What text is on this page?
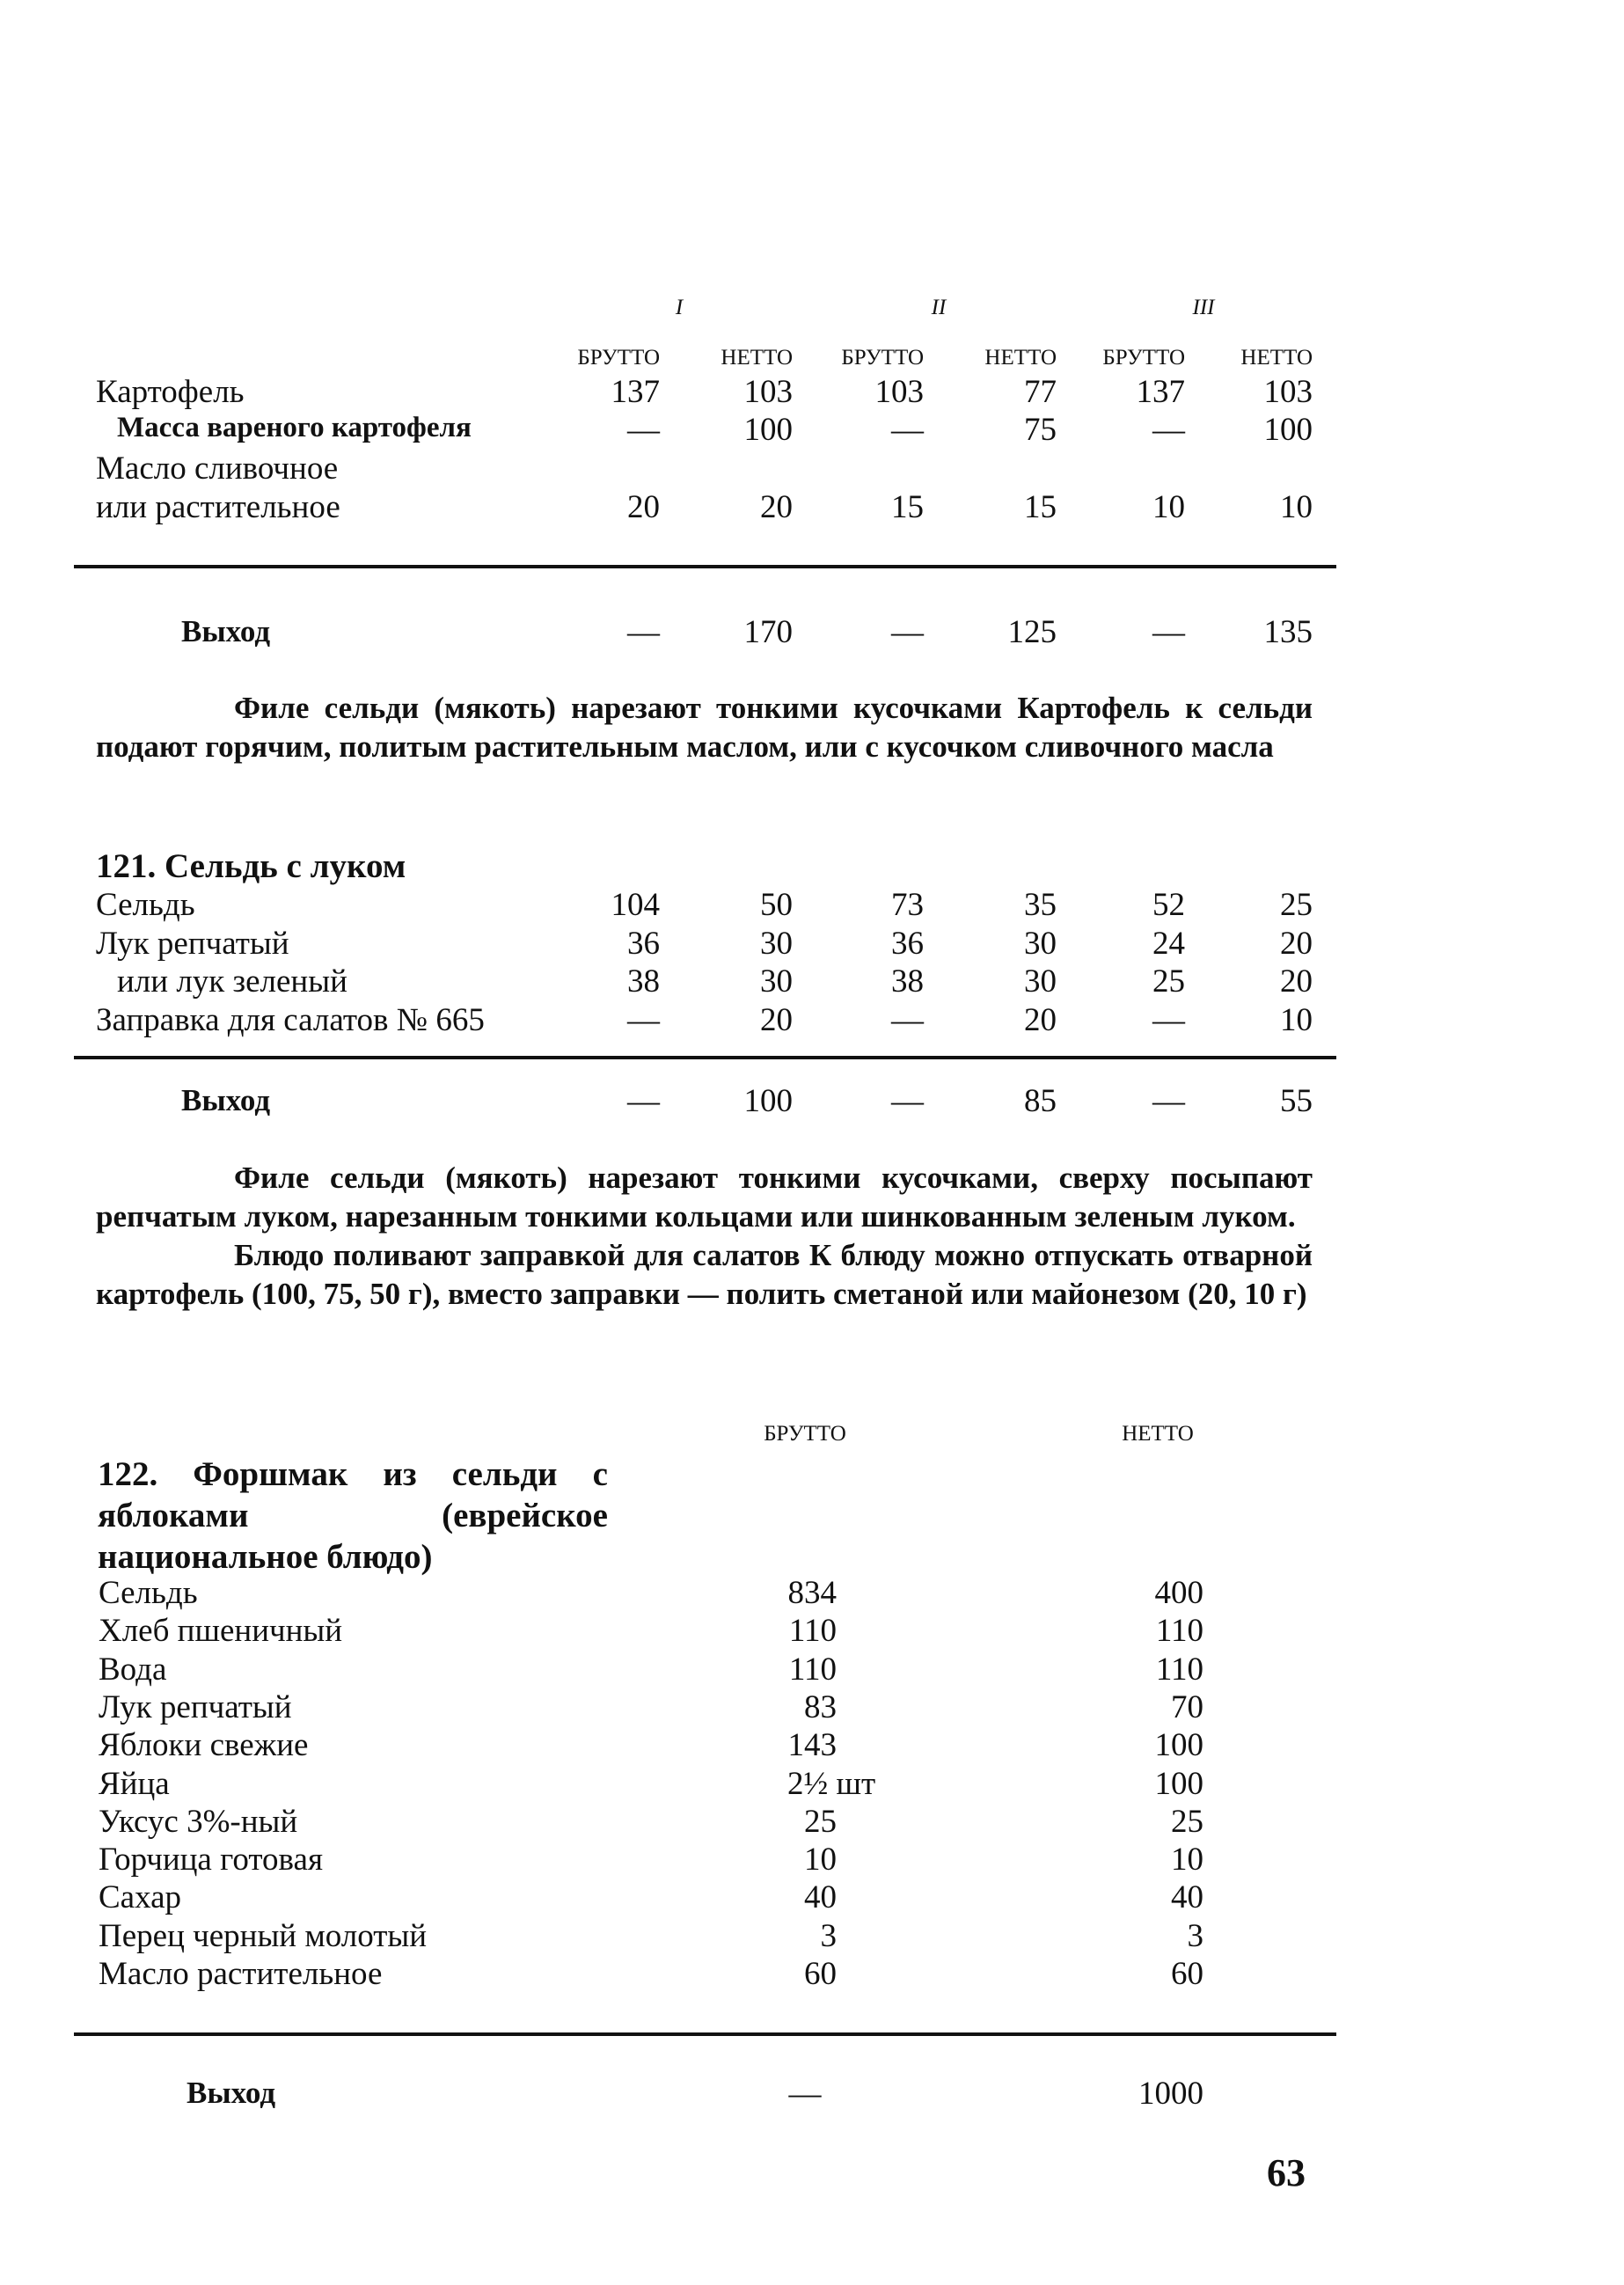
I	II	III
БРУТТО	НЕТТО	БРУТТО	НЕТТО	БРУТТО	НЕТТО
Картофель	137	103	103	77	137	103
Масса вареного картофеля	—	100	—	75	—	100
Масло сливочное
или растительное	20	20	15	15	10	10
Выход	—	170	—	125	—	135
Сельдь	104	50	73	35	52	25
Лук репчатый	36	30	36	30	24	20
или лук зеленый	38	30	38	30	25	20
Заправка для салатов № 665	—	20	—	20	—	10
Выход	—	100	—	85	—	55
БРУТТО	НЕТТО
Сельдь	834	400
Хлеб пшеничный	110	110
Вода	110	110
Лук репчатый	83	70
Яблоки свежие	143	100
Яйца	2½ шт	100
Уксус 3%-ный	25	25
Горчица готовая	10	10
Сахар	40	40
Перец черный молотый	3	3
Масло растительное	60	60
Выход	—	1000

Филе сельди (мякоть) нарезают тонкими кусочками Картофель к сельди подают горячим, политым растительным маслом, или с кусочком сливочного масла

121. Сельдь с луком

Филе сельди (мякоть) нарезают тонкими кусочками, сверху посыпают репчатым луком, нарезанным тонкими кольцами или шинкованным зеленым луком.

Блюдо поливают заправкой для салатов К блюду можно отпускать отварной картофель (100, 75, 50 г), вместо заправки — полить сметаной или майонезом (20, 10 г)

122. Форшмак из сельди с яблоками (еврейское национальное блюдо)
63
